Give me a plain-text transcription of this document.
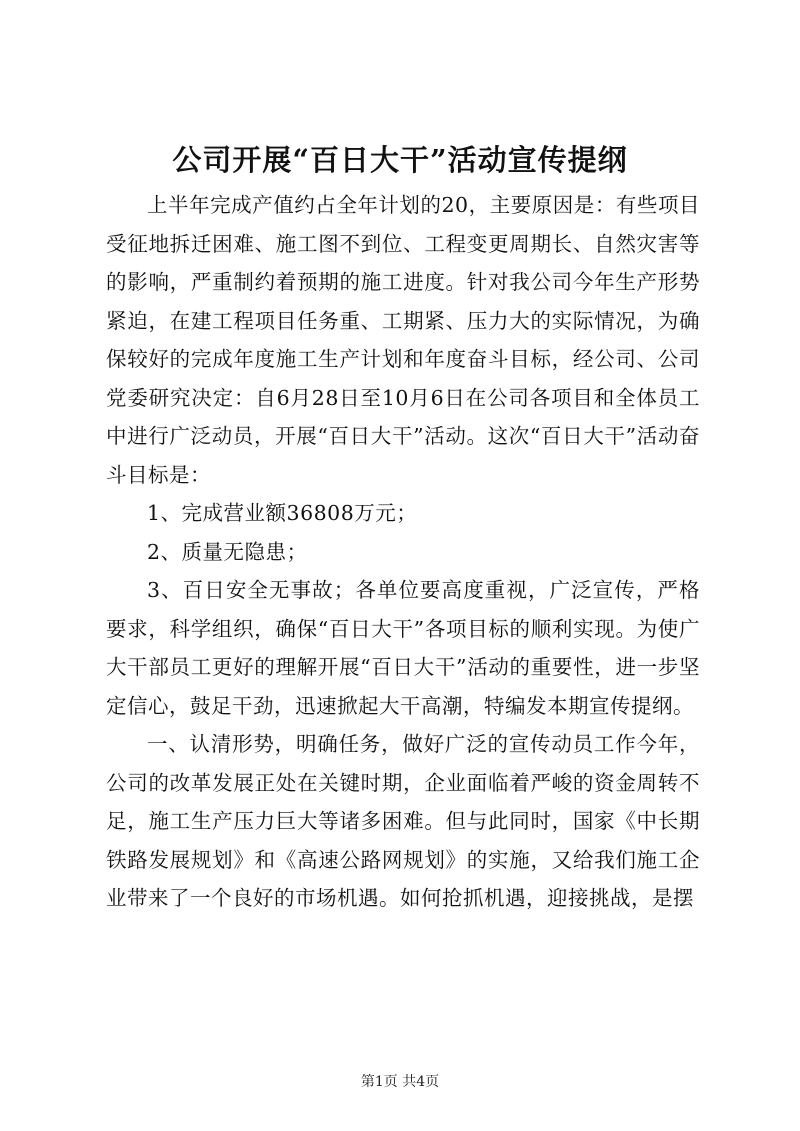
公司开展“百日大干”活动宣传提纲

上半年完成产值约占全年计划的20，主要原因是：有些项目受征地拆迁困难、施工图不到位、工程变更周期长、自然灾害等的影响，严重制约着预期的施工进度。针对我公司今年生产形势紧迫，在建工程项目任务重、工期紧、压力大的实际情况，为确保较好的完成年度施工生产计划和年度奋斗目标，经公司、公司党委研究决定：自6月28日至10月6日在公司各项目和全体员工中进行广泛动员，开展“百日大干”活动。这次“百日大干”活动奋斗目标是：

1、完成营业额36808万元；

2、质量无隐患；

3、百日安全无事故；各单位要高度重视，广泛宣传，严格要求，科学组织，确保“百日大干”各项目标的顺利实现。为使广大干部员工更好的理解开展“百日大干”活动的重要性，进一步坚定信心，鼓足干劲，迅速掀起大干高潮，特编发本期宣传提纲。

一、认清形势，明确任务，做好广泛的宣传动员工作今年，公司的改革发展正处在关键时期，企业面临着严峻的资金周转不足，施工生产压力巨大等诸多困难。但与此同时，国家《中长期铁路发展规划》和《高速公路网规划》的实施，又给我们施工企业带来了一个良好的市场机遇。如何抢抓机遇，迎接挑战，是摆

第1页 共4页
